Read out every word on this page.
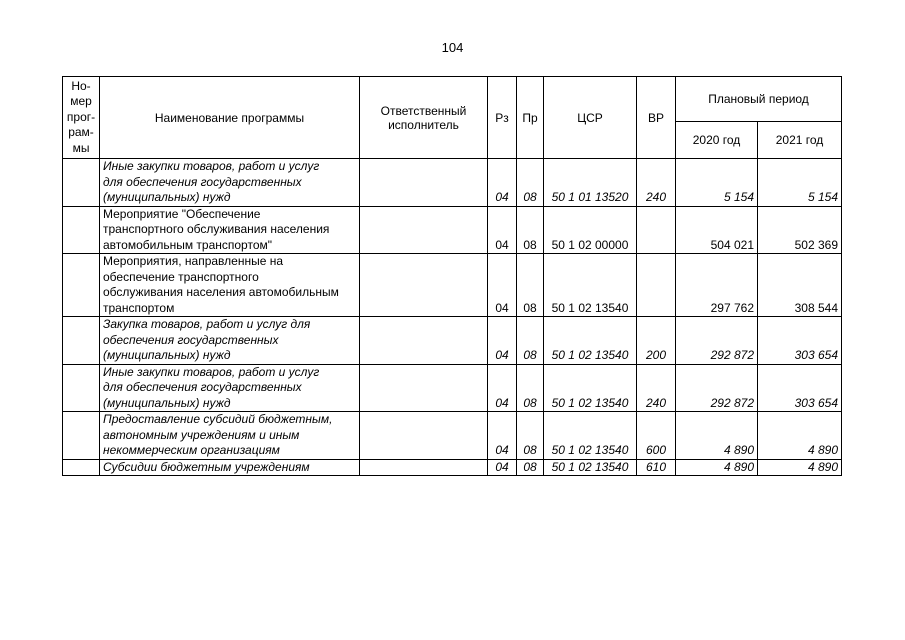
104
Но-
мер
прог-
рам-
мы	Наименование программы	Ответственный
исполнитель	Рз	Пр	ЦСР	ВР	Плановый период	
							2020 год	2021 год
	Иные закупки товаров, работ и услуг
для обеспечения государственных
(муниципальных) нужд		04	08	50 1 01 13520	240	5 154	5 154
	Мероприятие "Обеспечение
транспортного обслуживания населения
автомобильным транспортом"		04	08	50 1 02 00000		504 021	502 369
	Мероприятия, направленные на
обеспечение транспортного
обслуживания населения автомобильным
транспортом		04	08	50 1 02 13540		297 762	308 544
	Закупка товаров, работ и услуг для
обеспечения государственных
(муниципальных) нужд		04	08	50 1 02 13540	200	292 872	303 654
	Иные закупки товаров, работ и услуг
для обеспечения государственных
(муниципальных) нужд		04	08	50 1 02 13540	240	292 872	303 654
	Предоставление субсидий бюджетным,
автономным учреждениям и иным
некоммерческим организациям		04	08	50 1 02 13540	600	4 890	4 890
	Субсидии бюджетным учреждениям		04	08	50 1 02 13540	610	4 890	4 890
